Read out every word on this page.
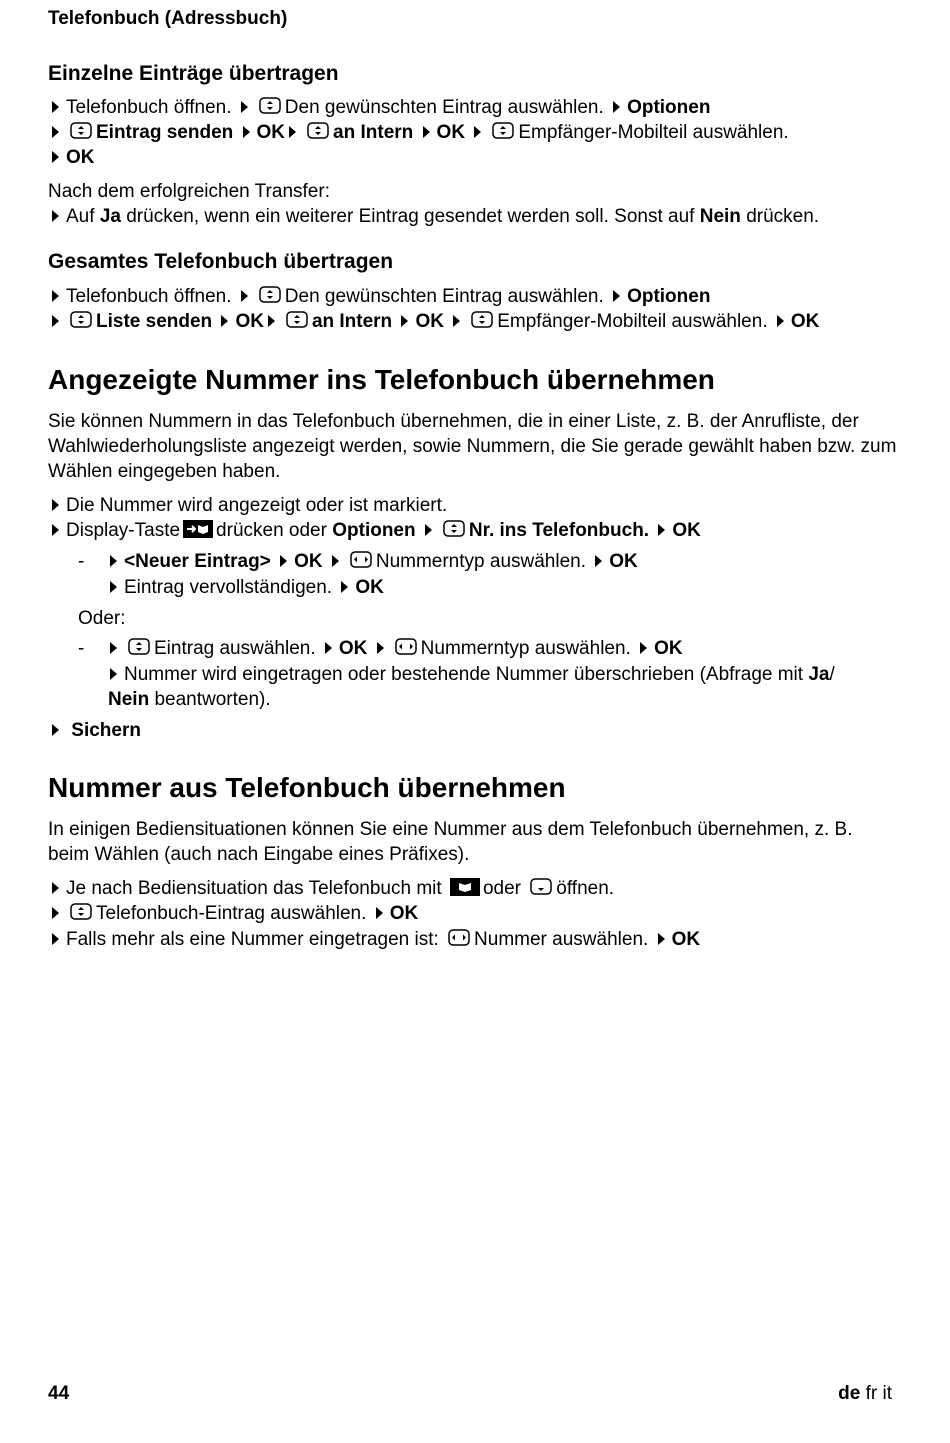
Telefonbuch (Adressbuch)
Einzelne Einträge übertragen
Telefonbuch öffnen.	Den gewünschten Eintrag auswählen. Optionen
Eintrag senden OK	an Intern OK	Empfänger-Mobilteil auswählen.
OK
Nach dem erfolgreichen Transfer:
Auf Ja drücken, wenn ein weiterer Eintrag gesendet werden soll. Sonst auf Nein drücken.
Gesamtes Telefonbuch übertragen
Telefonbuch öffnen.	Den gewünschten Eintrag auswählen. Optionen
Liste senden OK	an Intern OK	Empfänger-Mobilteil auswählen. OK
Angezeigte Nummer ins Telefonbuch übernehmen
Sie können Nummern in das Telefonbuch übernehmen, die in einer Liste, z. B. der Anrufliste, der Wahlwiederholungsliste angezeigt werden, sowie Nummern, die Sie gerade gewählt haben bzw. zum Wählen eingegeben haben.
Die Nummer wird angezeigt oder ist markiert.
Display-Taste drücken oder Optionen	Nr. ins Telefonbuch. OK
-	<Neuer Eintrag> OK	Nummerntyp auswählen. OK
Eintrag vervollständigen. OK
Oder:
-	Eintrag auswählen. OK	Nummerntyp auswählen. OK
Nummer wird eingetragen oder bestehende Nummer überschrieben (Abfrage mit Ja/
Nein beantworten).
Sichern
Nummer aus Telefonbuch übernehmen
In einigen Bediensituationen können Sie eine Nummer aus dem Telefonbuch übernehmen, z. B. beim Wählen (auch nach Eingabe eines Präfixes).
Je nach Bediensituation das Telefonbuch mit oder öffnen.
Telefonbuch-Eintrag auswählen. OK
Falls mehr als eine Nummer eingetragen ist: Nummer auswählen. OK
44	de fr it
